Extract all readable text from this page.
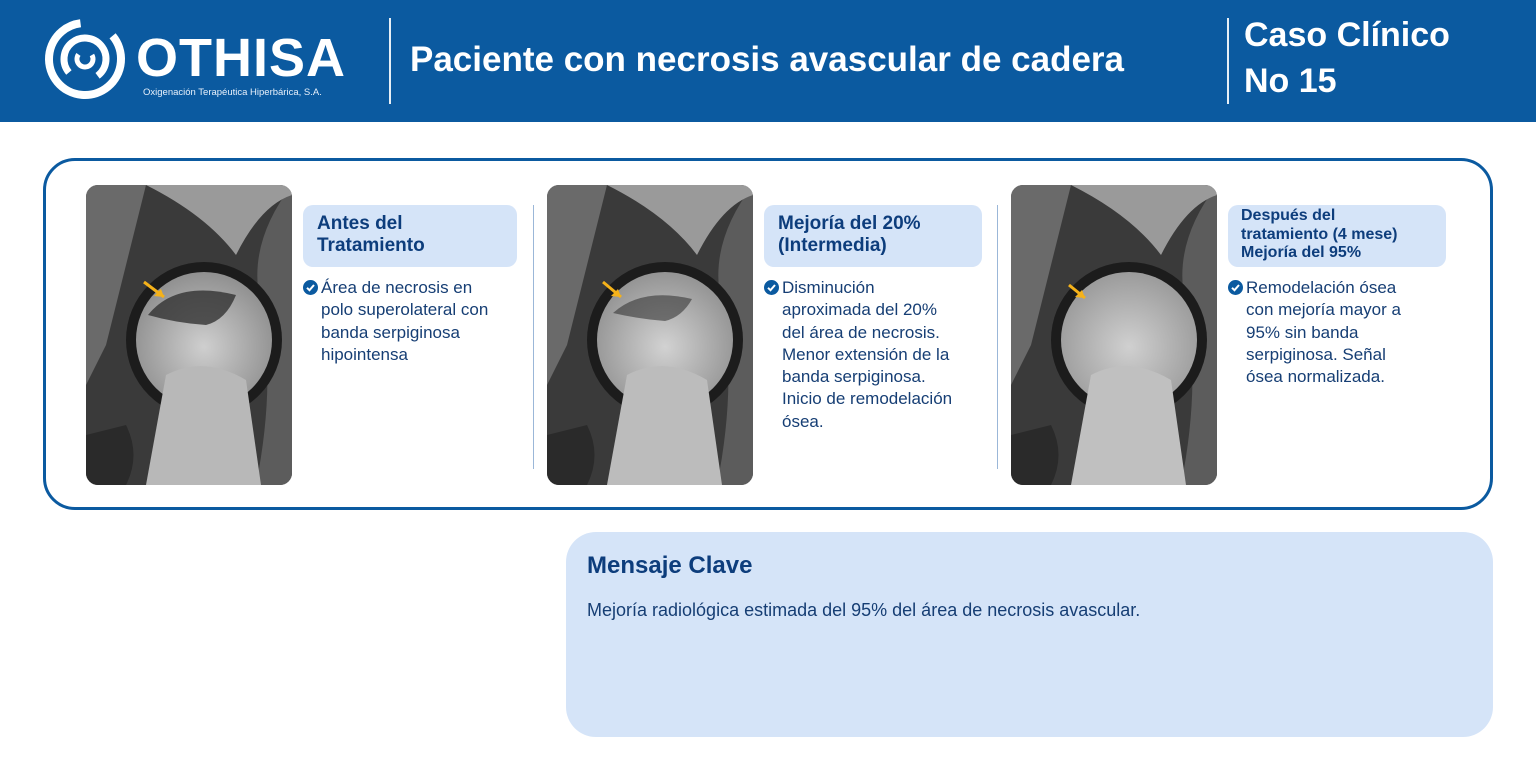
OTHISA
Oxigenación Terapéutica Hiperbárica, S.A.
Paciente con necrosis avascular de cadera
Caso Clínico
No 15
Antes del
Tratamiento
Área de necrosis en
polo superolateral con
banda serpiginosa
hipointensa
Mejoría del 20%
(Intermedia)
Disminución
aproximada del 20%
del área de necrosis.
Menor extensión de la
banda serpiginosa.
Inicio de remodelación
ósea.
Después del
tratamiento (4 mese)
Mejoría del 95%
Remodelación ósea
con mejoría mayor a
95% sin banda
serpiginosa. Señal
ósea normalizada.
Mensaje Clave
Mejoría radiológica estimada del 95% del área de necrosis avascular.
